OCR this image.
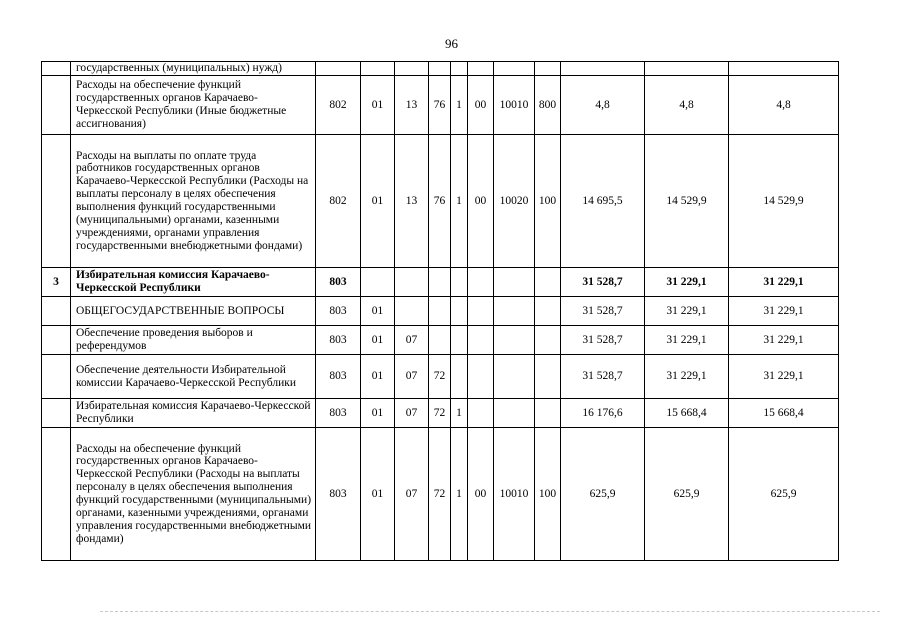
96
	государственных (муниципальных) нужд)											
	Расходы на обеспечение функций государственных органов Карачаево-Черкесской Республики (Иные бюджетные ассигнования)	802	01	13	76	1	00	10010	800	4,8	4,8	4,8
	Расходы на выплаты по оплате труда работников государственных органов Карачаево-Черкесской Республики (Расходы на выплаты персоналу в целях обеспечения выполнения функций государственными (муниципальными) органами, казенными учреждениями, органами управления государственными внебюджетными фондами)	802	01	13	76	1	00	10020	100	14 695,5	14 529,9	14 529,9
3	Избирательная комиссия Карачаево-Черкесской Республики	803								31 528,7	31 229,1	31 229,1
	ОБЩЕГОСУДАРСТВЕННЫЕ ВОПРОСЫ	803	01							31 528,7	31 229,1	31 229,1
	Обеспечение проведения выборов и референдумов	803	01	07						31 528,7	31 229,1	31 229,1
	Обеспечение деятельности Избирательной комиссии Карачаево-Черкесской Республики	803	01	07	72					31 528,7	31 229,1	31 229,1
	Избирательная комиссия Карачаево-Черкесской Республики	803	01	07	72	1				16 176,6	15 668,4	15 668,4
	Расходы на обеспечение функций государственных органов Карачаево-Черкесской Республики (Расходы на выплаты персоналу в целях обеспечения выполнения функций государственными (муниципальными) органами, казенными учреждениями, органами управления государственными внебюджетными фондами)	803	01	07	72	1	00	10010	100	625,9	625,9	625,9
